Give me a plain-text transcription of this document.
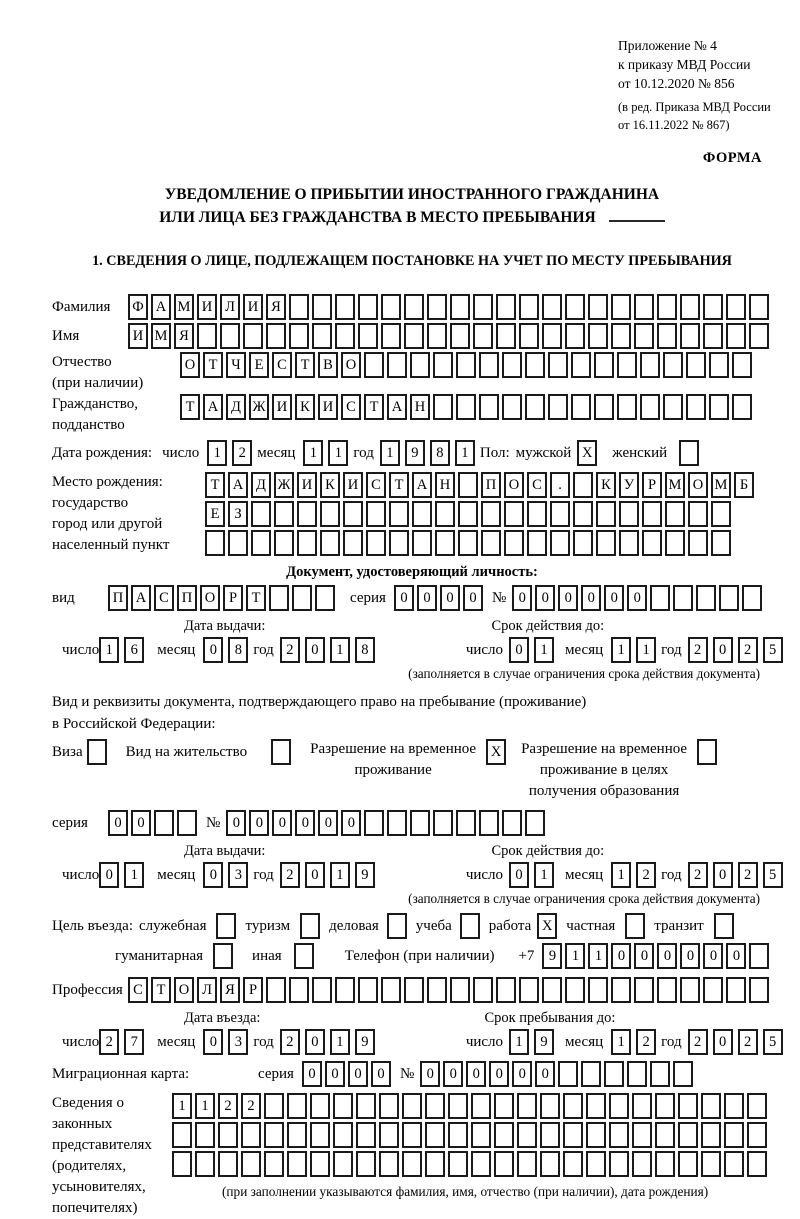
Приложение № 4
к приказу МВД России
от 10.12.2020 № 856
(в ред. Приказа МВД России
от 16.11.2022 № 867)
ФОРМА
УВЕДОМЛЕНИЕ О ПРИБЫТИИ ИНОСТРАННОГО ГРАЖДАНИНА
ИЛИ ЛИЦА БЕЗ ГРАЖДАНСТВА В МЕСТО ПРЕБЫВАНИЯ
1. СВЕДЕНИЯ О ЛИЦЕ, ПОДЛЕЖАЩЕМ ПОСТАНОВКЕ НА УЧЕТ ПО МЕСТУ ПРЕБЫВАНИЯ
Фамилия	Ф А М И Л И Я
Имя	И М Я
Отчество
(при наличии)
О Т Ч Е С Т В О
Гражданство,
подданство
Т А Д Ж И К И С Т А Н
Дата рождения: число 1	2 месяц 1	1 год 1	9	8	1 Пол: мужской X	женский
Место рождения:
государство
город или другой
населенный пункт
Т А Д Ж И К И С Т А Н	П О С	.	К У Р М О М Б
Е	З
Документ, удостоверяющий личность:
вид	П А С П О Р	Т	серия 0	0	0	0	№ 0	0	0	0	0	0
Дата выдачи:	Срок действия до:
число 1	6	месяц 0	8 год 2	0	1	8	число 0	1	месяц 1	1 год 2	0	2	5
(заполняется в случае ограничения срока действия документа)
Вид и реквизиты документа, подтверждающего право на пребывание (проживание)
в Российской Федерации:
Виза	Вид на жительство	Разрешение на временное
проживание
X	Разрешение на временное
проживание в целях
получения образования
серия	0	0	№ 0	0	0	0	0	0
Дата выдачи:	Срок действия до:
число 0	1	месяц 0	3 год 2	0	1	9	число 0	1	месяц 1	2 год 2	0	2	5
(заполняется в случае ограничения срока действия документа)
Цель въезда: служебная	туризм	деловая учеба работа X частная	транзит
гуманитарная	иная	Телефон (при наличии) +7 9	1	1	0	0	0	0	0	0
Профессия С Т О Л Я Р
Дата въезда:	Срок пребывания до:
число 2	7	месяц 0	3 год 2	0	1	9	число 1	9	месяц 1	2 год 2	0	2	5
Миграционная карта:	серия 0	0	0	0	№ 0	0	0	0	0	0
Сведения о
законных
представителях
(родителях,
усыновителях,
попечителях)
1	1	2	2
(при заполнении указываются фамилия, имя, отчество (при наличии), дата рождения)
